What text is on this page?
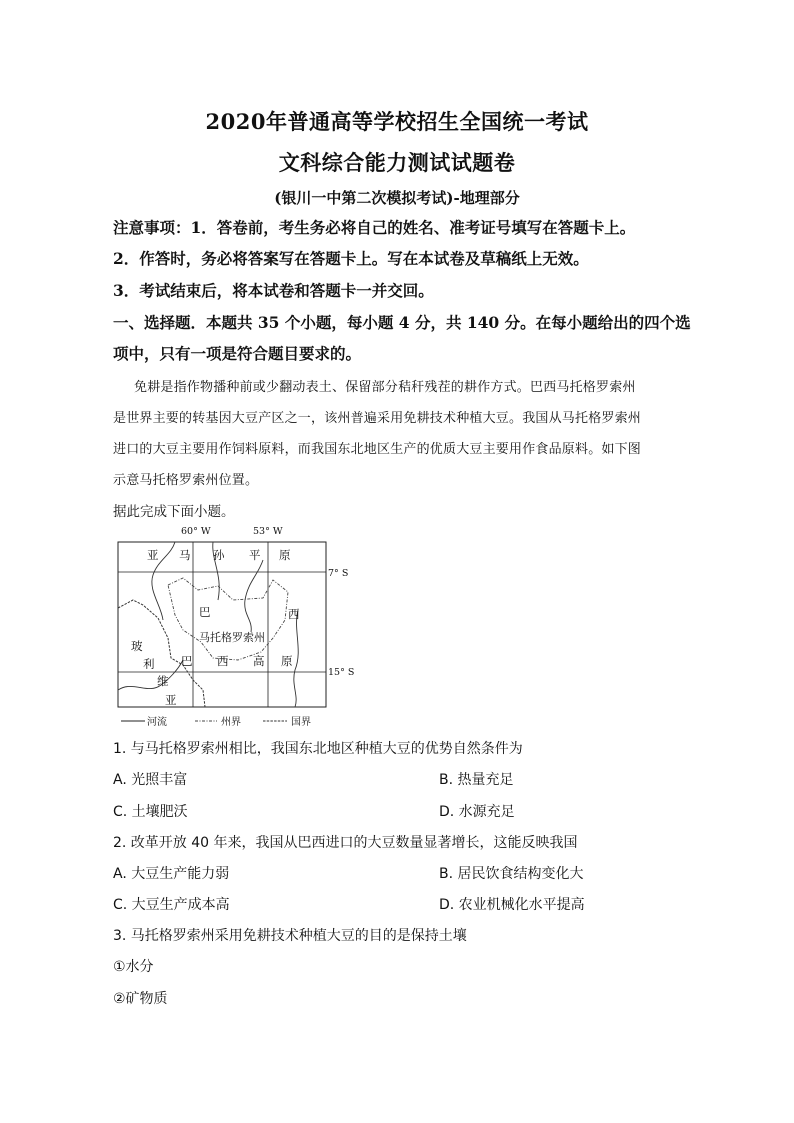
2020年普通高等学校招生全国统一考试
文科综合能力测试试题卷
(银川一中第二次模拟考试)-地理部分
注意事项：1．答卷前，考生务必将自己的姓名、准考证号填写在答题卡上。
2．作答时，务必将答案写在答题卡上。写在本试卷及草稿纸上无效。
3．考试结束后，将本试卷和答题卡一并交回。
一、选择题．本题共 35 个小题，每小题 4 分，共 140 分。在每小题给出的四个选
项中，只有一项是符合题目要求的。
免耕是指作物播种前或少翻动表土、保留部分秸秆残茬的耕作方式。巴西马托格罗索州
是世界主要的转基因大豆产区之一，该州普遍采用免耕技术种植大豆。我国从马托格罗索州
进口的大豆主要用作饲料原料，而我国东北地区生产的优质大豆主要用作食品原料。如下图
示意马托格罗索州位置。
据此完成下面小题。
60° W	53° W
7° S
15° S
亚 马 孙 平 原
巴	西
玻
利 巴 西 高 原
维
亚
马托格罗索州
河流	州界	国界
1. 与马托格罗索州相比，我国东北地区种植大豆的优势自然条件为
A. 光照丰富	B. 热量充足
C. 土壤肥沃	D. 水源充足
2. 改革开放 40 年来，我国从巴西进口的大豆数量显著增长，这能反映我国
A. 大豆生产能力弱	B. 居民饮食结构变化大
C. 大豆生产成本高	D. 农业机械化水平提高
3. 马托格罗索州采用免耕技术种植大豆的目的是保持土壤
①水分
②矿物质
